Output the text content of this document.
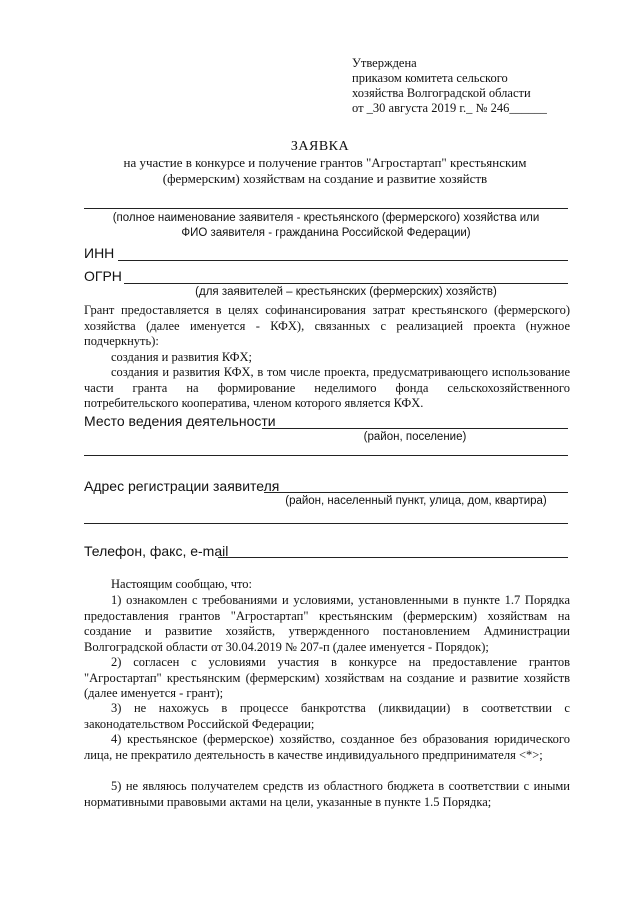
Утверждена
приказом комитета сельского
хозяйства Волгоградской области
от _30 августа 2019 г._ № 246______
ЗАЯВКА
на участие в конкурсе и получение грантов "Агростартап" крестьянским (фермерским) хозяйствам на создание и развитие хозяйств
(полное наименование заявителя - крестьянского (фермерского) хозяйства или
ФИО заявителя - гражданина Российской Федерации)
ИНН
ОГРН
(для заявителей – крестьянских (фермерских) хозяйств)
Грант предоставляется в целях софинансирования затрат крестьянского (фермерского) хозяйства (далее именуется - КФХ), связанных с реализацией проекта (нужное подчеркнуть):
создания и развития КФХ;
создания и развития КФХ, в том числе проекта, предусматривающего использование части гранта на формирование неделимого фонда сельскохозяйственного потребительского кооператива, членом которого является КФХ.
Место ведения деятельности
(район, поселение)
Адрес регистрации заявителя
(район, населенный пункт, улица, дом, квартира)
Телефон, факс, e-mail
Настоящим сообщаю, что:
1) ознакомлен с требованиями и условиями, установленными в пункте 1.7 Порядка предоставления грантов "Агростартап" крестьянским (фермерским) хозяйствам на создание и развитие хозяйств, утвержденного постановлением Администрации Волгоградской области от 30.04.2019 № 207-п (далее именуется - Порядок);
2) согласен с условиями участия в конкурсе на предоставление грантов "Агростартап" крестьянским (фермерским) хозяйствам на создание и развитие хозяйств (далее именуется - грант);
3) не нахожусь в процессе банкротства (ликвидации) в соответствии с законодательством Российской Федерации;
4) крестьянское (фермерское) хозяйство, созданное без образования юридического лица, не прекратило деятельность в качестве индивидуального предпринимателя <*>;
5) не являюсь получателем средств из областного бюджета в соответствии с иными нормативными правовыми актами на цели, указанные в пункте 1.5 Порядка;
